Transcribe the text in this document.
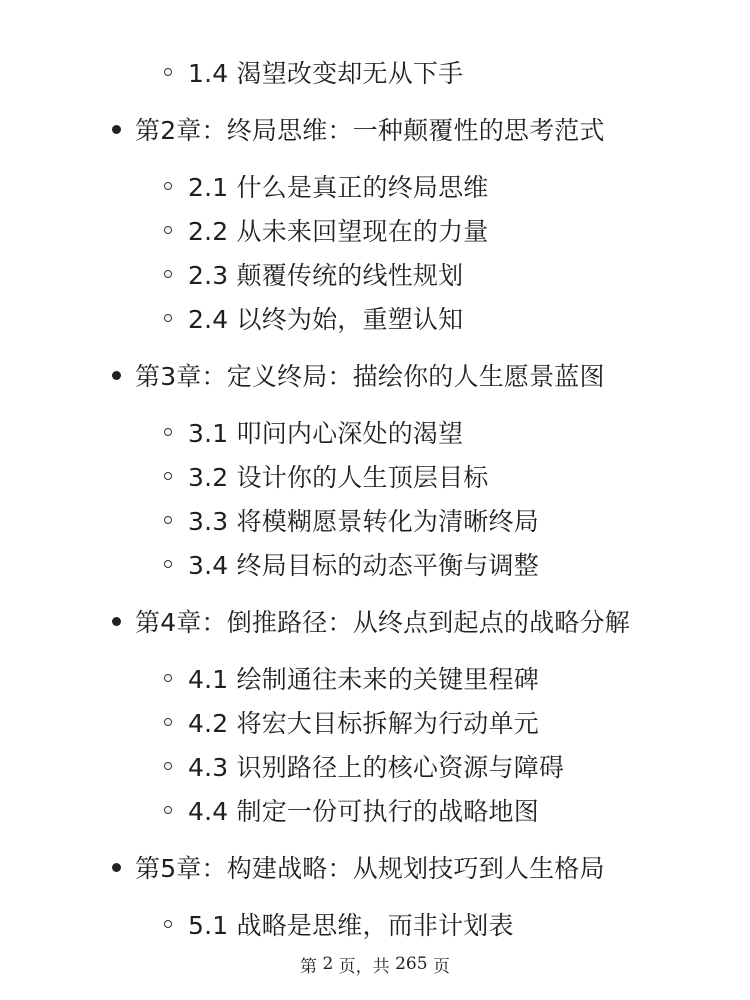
1.4 渴望改变却无从下手
第2章：终局思维：一种颠覆性的思考范式
2.1 什么是真正的终局思维
2.2 从未来回望现在的力量
2.3 颠覆传统的线性规划
2.4 以终为始，重塑认知
第3章：定义终局：描绘你的人生愿景蓝图
3.1 叩问内心深处的渴望
3.2 设计你的人生顶层目标
3.3 将模糊愿景转化为清晰终局
3.4 终局目标的动态平衡与调整
第4章：倒推路径：从终点到起点的战略分解
4.1 绘制通往未来的关键里程碑
4.2 将宏大目标拆解为行动单元
4.3 识别路径上的核心资源与障碍
4.4 制定一份可执行的战略地图
第5章：构建战略：从规划技巧到人生格局
5.1 战略是思维，而非计划表
第 2 页，共 265 页
